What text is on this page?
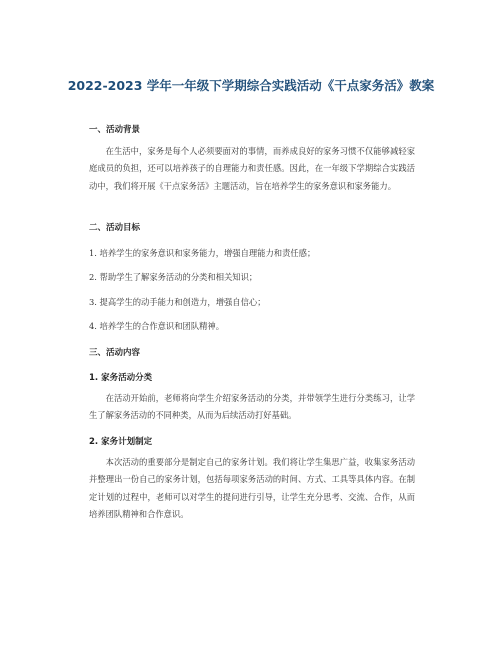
2022-2023 学年一年级下学期综合实践活动《干点家务活》教案
一、活动背景

在生活中，家务是每个人必须要面对的事情，而养成良好的家务习惯不仅能够减轻家庭成员的负担，还可以培养孩子的自理能力和责任感。因此，在一年级下学期综合实践活动中，我们将开展《干点家务活》主题活动，旨在培养学生的家务意识和家务能力。

二、活动目标
1. 培养学生的家务意识和家务能力，增强自理能力和责任感；
2. 帮助学生了解家务活动的分类和相关知识；
3. 提高学生的动手能力和创造力，增强自信心；
4. 培养学生的合作意识和团队精神。
三、活动内容
1. 家务活动分类

在活动开始前，老师将向学生介绍家务活动的分类，并带领学生进行分类练习，让学生了解家务活动的不同种类，从而为后续活动打好基础。

2. 家务计划制定

本次活动的重要部分是制定自己的家务计划。我们将让学生集思广益，收集家务活动并整理出一份自己的家务计划，包括每项家务活动的时间、方式、工具等具体内容。在制定计划的过程中，老师可以对学生的提问进行引导，让学生充分思考、交流、合作，从而培养团队精神和合作意识。
